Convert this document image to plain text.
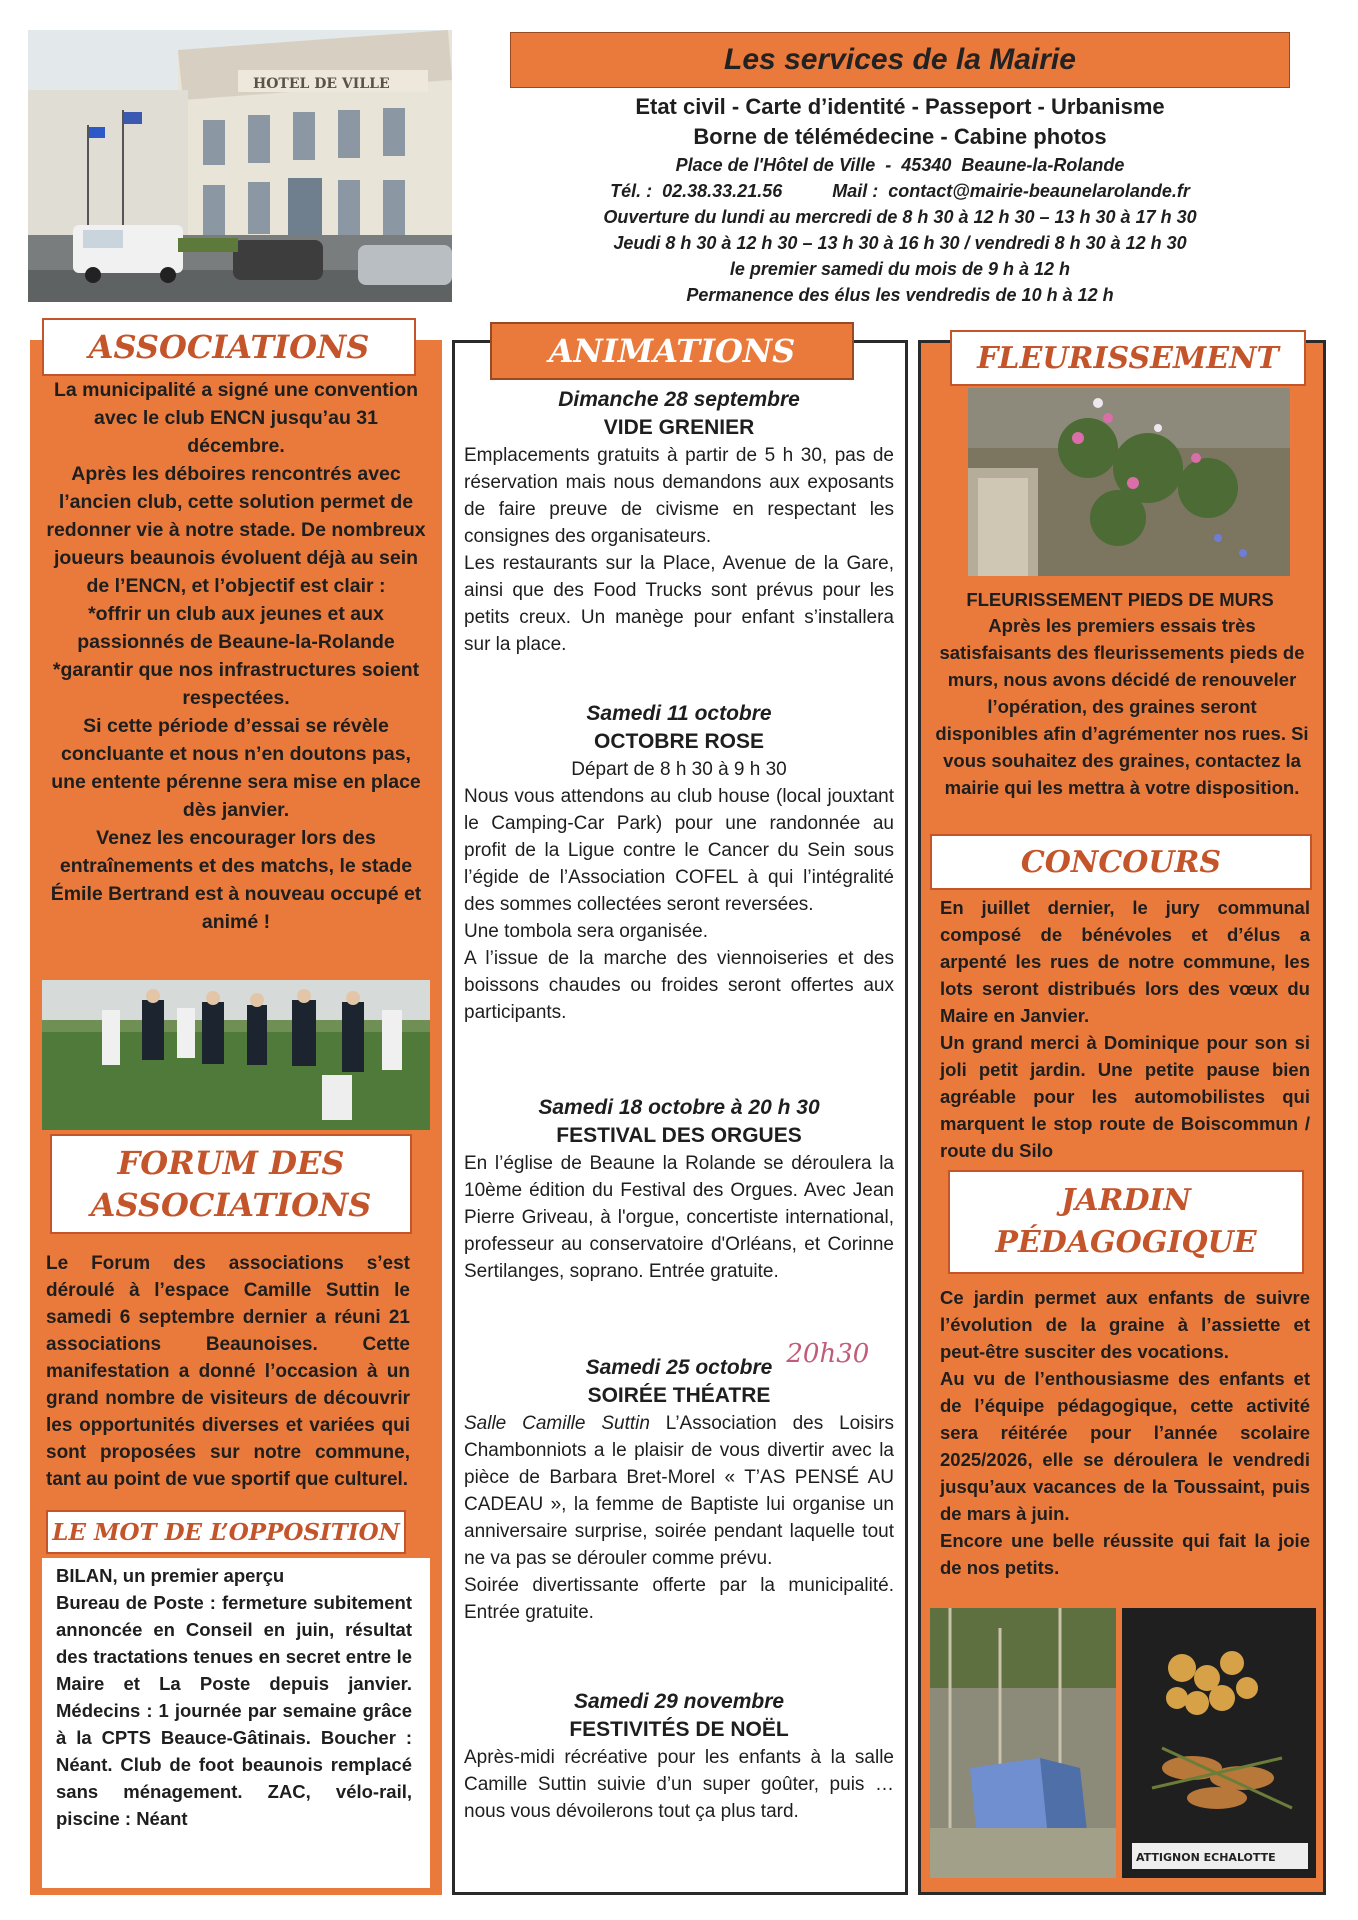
HOTEL DE VILLE
Les services de la Mairie

Etat civil - Carte d’identité - Passeport - Urbanisme

Borne de télémédecine - Cabine photos

Place de l'Hôtel de Ville  -  45340  Beaune-la-Rolande

Tél. :  02.38.33.21.56          Mail :  contact@mairie-beaunelarolande.fr

Ouverture du lundi au mercredi de 8 h 30 à 12 h 30 – 13 h 30 à 17 h 30

Jeudi 8 h 30 à 12 h 30 – 13 h 30 à 16 h 30 / vendredi 8 h 30 à 12 h 30

le premier samedi du mois de 9 h à 12 h

Permanence des élus les vendredis de 10 h à 12 h

ASSOCIATIONS
La municipalité a signé une convention avec le club ENCN jusqu’au 31 décembre.
Après les déboires rencontrés avec l’ancien club, cette solution permet de redonner vie à notre stade. De nombreux joueurs beaunois évoluent déjà au sein de l’ENCN, et l’objectif est clair :
*offrir un club aux jeunes et aux passionnés de Beaune-la-Rolande
*garantir que nos infrastructures soient respectées.
Si cette période d’essai se révèle concluante et nous n’en doutons pas, une entente pérenne sera mise en place dès janvier.
Venez les encourager lors des entraînements et des matchs, le stade Émile Bertrand est à nouveau occupé et animé !
FORUM DES
ASSOCIATIONS
Le Forum des associations s’est déroulé à l’espace Camille Suttin le samedi 6 septembre dernier a réuni 21 associations Beaunoises. Cette manifestation a donné l’occasion à un grand nombre de visiteurs de découvrir les opportunités diverses et variées qui sont proposées sur notre commune, tant au point de vue sportif que culturel.
LE MOT DE L’OPPOSITION
BILAN, un premier aperçu
Bureau de Poste : fermeture subitement annoncée en Conseil en juin, résultat des tractations tenues en secret entre le Maire et La Poste depuis janvier. Médecins : 1 journée par semaine grâce à la CPTS Beauce-Gâtinais. Boucher : Néant. Club de foot beaunois remplacé sans ménagement. ZAC, vélo-rail, piscine : Néant
ANIMATIONS

Dimanche 28 septembre

VIDE GRENIER

Emplacements gratuits à partir de 5 h 30, pas de réservation mais nous demandons aux exposants de faire preuve de civisme en respectant les consignes des organisateurs.
Les restaurants sur la Place, Avenue de la Gare, ainsi que des Food Trucks sont prévus pour les petits creux. Un manège pour enfant s’installera sur la place.

Samedi 11 octobre

OCTOBRE ROSE

Départ de 8 h 30 à 9 h 30

Nous vous attendons au club house (local jouxtant le Camping-Car Park) pour une randonnée au profit de la Ligue contre le Cancer du Sein sous l’égide de l’Association COFEL à qui l’intégralité des sommes collectées seront reversées.
Une tombola sera organisée.
A l’issue de la marche des viennoiseries et des boissons chaudes ou froides seront offertes aux participants.

Samedi 18 octobre à 20 h 30

FESTIVAL DES ORGUES

En l’église de Beaune la Rolande se déroulera la 10ème édition du Festival des Orgues. Avec Jean Pierre Griveau, à l'orgue, concertiste international, professeur au conservatoire d'Orléans, et Corinne Sertilanges, soprano. Entrée gratuite.

Samedi 25 octobre 20h30

SOIRÉE THÉATRE

Salle Camille Suttin L’Association des Loisirs Chambonniots a le plaisir de vous divertir avec la pièce de Barbara Bret-Morel « T’AS PENSÉ AU CADEAU », la femme de Baptiste lui organise un anniversaire surprise, soirée pendant laquelle tout ne va pas se dérouler comme prévu.
Soirée divertissante offerte par la municipalité. Entrée gratuite.

Samedi 29 novembre

FESTIVITÉS DE NOËL

Après-midi récréative pour les enfants à la salle Camille Suttin suivie d’un super goûter, puis … nous vous dévoilerons tout ça plus tard.

FLEURISSEMENT
FLEURISSEMENT PIEDS DE MURS
Après les premiers essais très satisfaisants des fleurissements pieds de murs, nous avons décidé de renouveler l’opération, des graines seront disponibles afin d’agrémenter nos rues. Si vous souhaitez des graines, contactez la mairie qui les mettra à votre disposition.
CONCOURS
En juillet dernier, le jury communal composé de bénévoles et d’élus a arpenté les rues de notre commune, les lots seront distribués lors des vœux du Maire en Janvier.
Un grand merci à Dominique pour son si joli petit jardin. Une petite pause bien agréable pour les automobilistes qui marquent le stop route de Boiscommun / route du Silo
JARDIN
PÉDAGOGIQUE
Ce jardin permet aux enfants de suivre l’évolution de la graine à l’assiette et peut-être susciter des vocations.
Au vu de l’enthousiasme des enfants et de l’équipe pédagogique, cette activité sera réitérée pour l’année scolaire 2025/2026, elle se déroulera le vendredi jusqu’aux vacances de la Toussaint, puis de mars à juin.
Encore une belle réussite qui fait la joie de nos petits.
ATTIGNON ECHALOTTE
